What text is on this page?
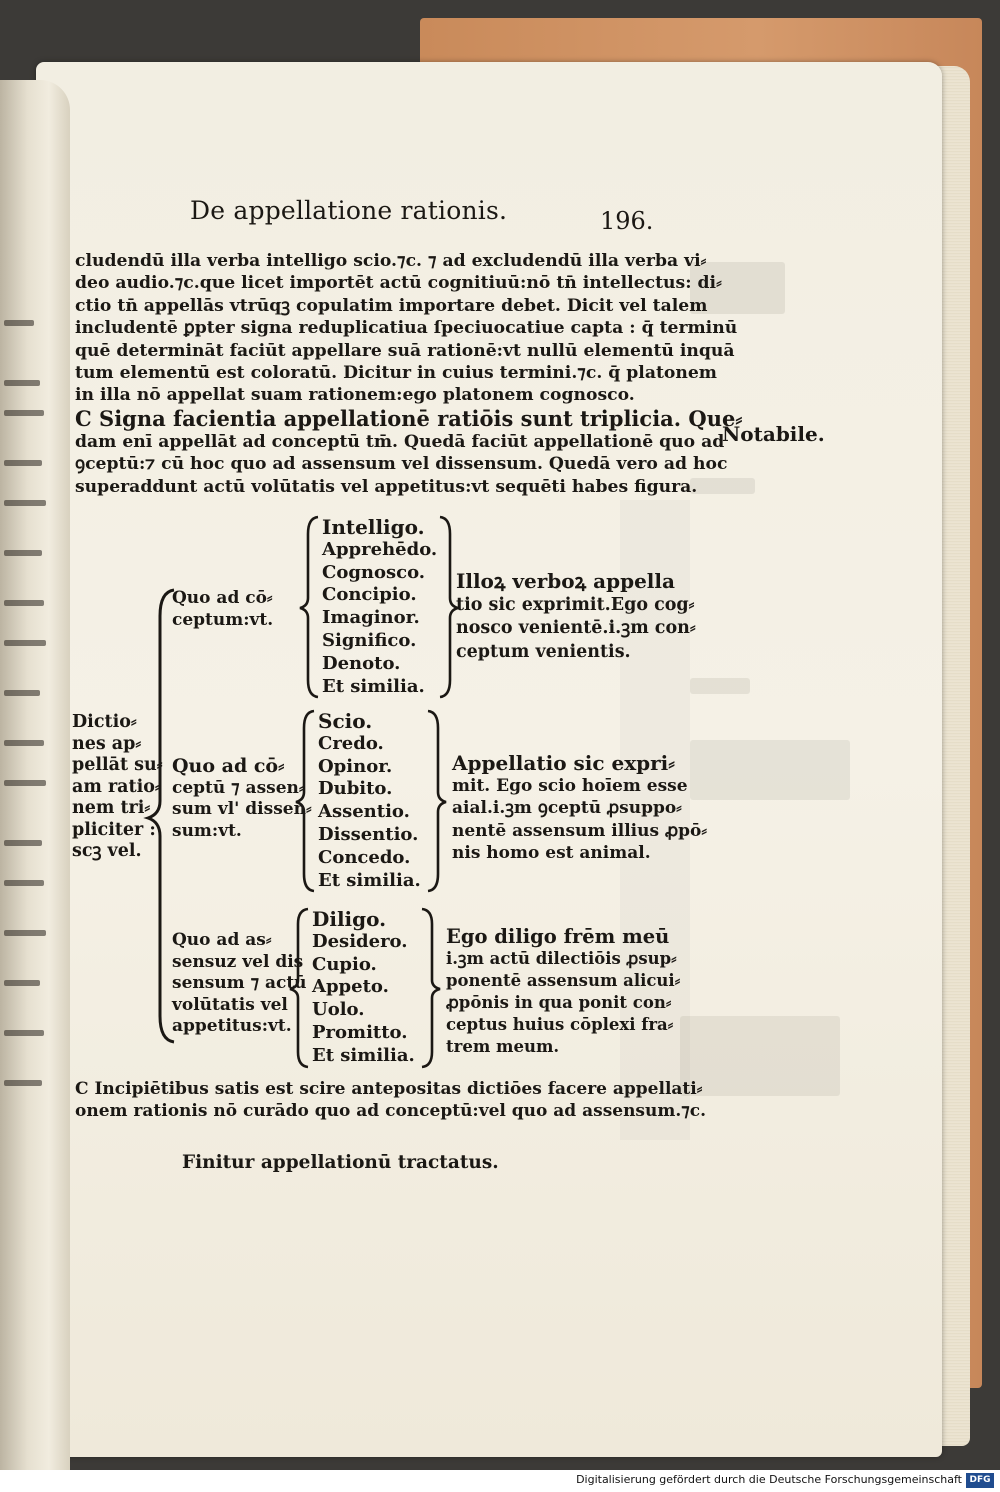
De appellatione rationis.	196.
cludendū illa verba intelligo scio.⁊c. ⁊ ad excludendū illa verba vi⸗
deo audio.⁊c.que licet importēt actū cognitiuū:nō tn̄ intellectus: di⸗
ctio tn̄ appellās vtrūqꝫ copulatim importare debet. Dicit vel talem
includentē ꝑpter signa reduplicatiua ſpeciuocatiue capta : q̄ terminū
quē determināt faciūt appellare suā rationē:vt nullū elementū inquā
tum elementū est coloratū. Dicitur in cuius termini.⁊c. q̄ platonem
in illa nō appellat suam rationem:ego platonem cognosco.
C Signa facientia appellationē ratiōis sunt triplicia. Que⸗
dam enī appellāt ad conceptū tm̄. Quedā faciūt appellationē quo ad
ꝯceptū:⁊ cū hoc quo ad assensum vel dissensum. Quedā vero ad hoc
superaddunt actū volūtatis vel appetitus:vt sequēti habes figura.
Notabile.
Dictio⸗
nes ap⸗
pellāt su⸗
am ratio⸗
nem tri⸗
pliciter :
scꝫ vel.
Quo ad cō⸗
ceptum:vt.
Intelligo.
Apprehēdo.
Cognosco.
Concipio.
Imaginor.
Significo.
Denoto.
Et similia.
Illoꝝ verboꝝ appella
tio sic exprimit.Ego cog⸗
nosco venientē.i.ꝫm con⸗
ceptum venientis.
Quo ad cō⸗
ceptū ⁊ assen⸗
sum vl' dissen⸗
sum:vt.
Scio.
Credo.
Opinor.
Dubito.
Assentio.
Dissentio.
Concedo.
Et similia.
Appellatio sic expri⸗
mit. Ego scio hoīem esse
aial.i.ꝫm ꝯceptū ꝓsuppo⸗
nentē assensum illius ꝓpō⸗
nis homo est animal.
Quo ad as⸗
sensuz vel dis
sensum ⁊ actū
volūtatis vel
appetitus:vt.
Diligo.
Desidero.
Cupio.
Appeto.
Uolo.
Promitto.
Et similia.
Ego diligo frēm meū
i.ꝫm actū dilectiōis ꝓsup⸗
ponentē assensum alicui⸗
ꝓpōnis in qua ponit con⸗
ceptus huius cōplexi fra⸗
trem meum.
C Incipiētibus satis est scire antepositas dictiōes facere appellati⸗
onem rationis nō curādo quo ad conceptū:vel quo ad assensum.⁊c.
Finitur appellationū tractatus.
Digitalisierung gefördert durch die Deutsche Forschungsgemeinschaft DFG
